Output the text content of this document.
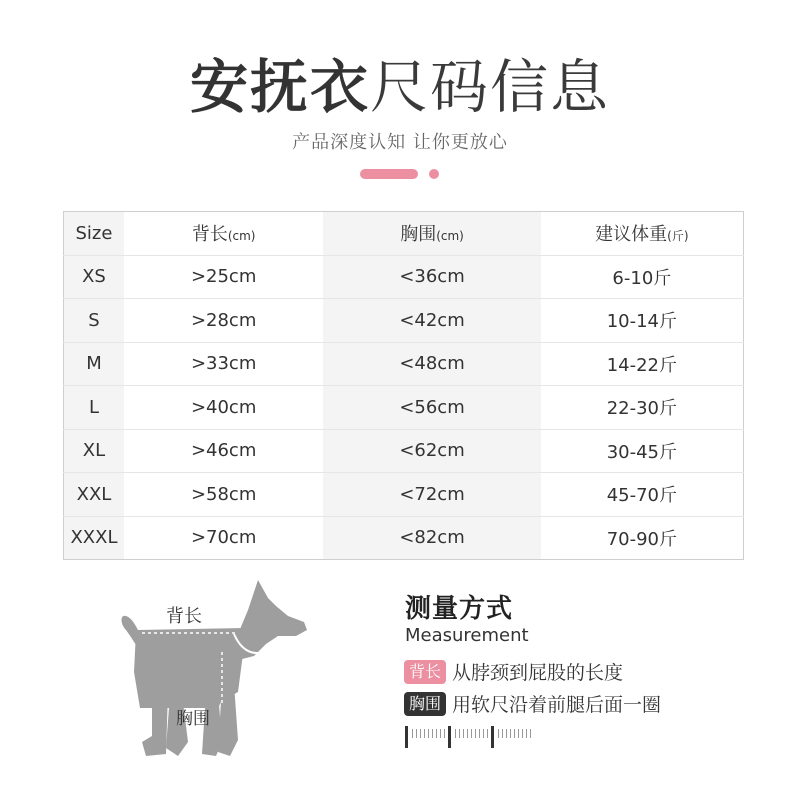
安抚衣尺码信息
产品深度认知 让你更放心
Size	背长(cm)	胸围(cm)	建议体重(斤)
XS	>25cm	<36cm	6-10斤
S	>28cm	<42cm	10-14斤
M	>33cm	<48cm	14-22斤
L	>40cm	<56cm	22-30斤
XL	>46cm	<62cm	30-45斤
XXL	>58cm	<72cm	45-70斤
XXXL	>70cm	<82cm	70-90斤
背长
胸围
测量方式
Measurement
背长 从脖颈到屁股的长度
胸围 用软尺沿着前腿后面一圈
